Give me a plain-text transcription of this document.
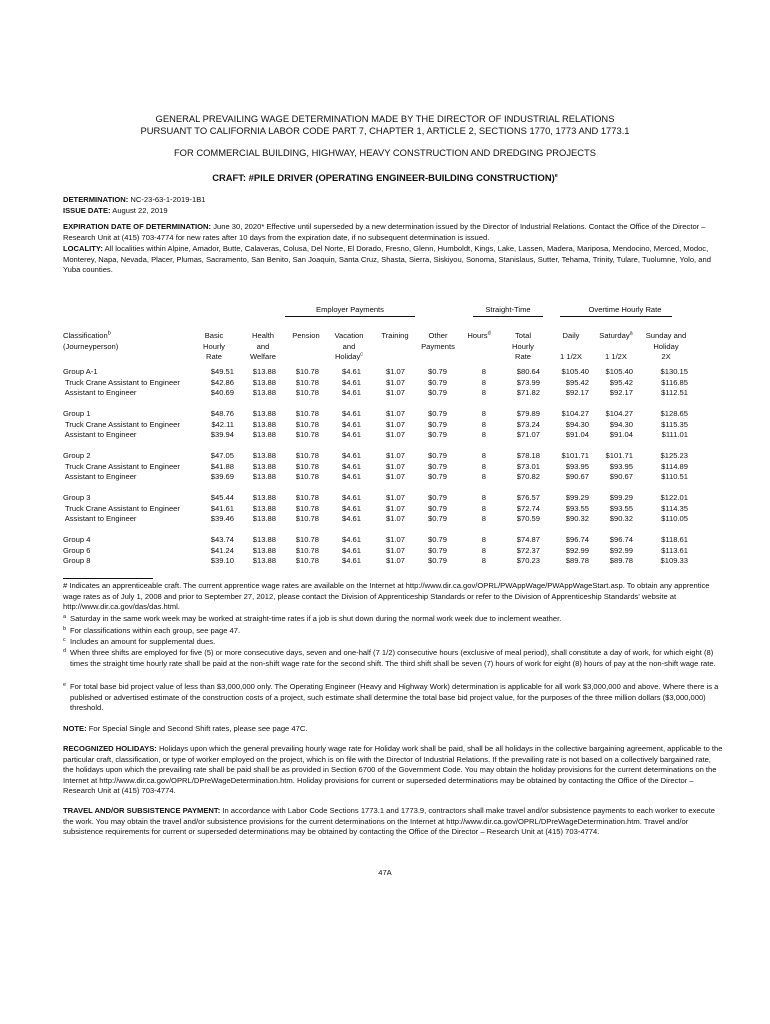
GENERAL PREVAILING WAGE DETERMINATION MADE BY THE DIRECTOR OF INDUSTRIAL RELATIONS
PURSUANT TO CALIFORNIA LABOR CODE PART 7, CHAPTER 1, ARTICLE 2, SECTIONS 1770, 1773 AND 1773.1
FOR COMMERCIAL BUILDING, HIGHWAY, HEAVY CONSTRUCTION AND DREDGING PROJECTS
CRAFT: #PILE DRIVER (OPERATING ENGINEER-BUILDING CONSTRUCTION)$^e$
DETERMINATION: NC-23-63-1-2019-1B1
ISSUE DATE: August 22, 2019
EXPIRATION DATE OF DETERMINATION: June 30, 2020* Effective until superseded by a new determination issued by the Director of Industrial Relations. Contact the Office of the Director – Research Unit at (415) 703-4774 for new rates after 10 days from the expiration date, if no subsequent determination is issued.
LOCALITY: All localities within Alpine, Amador, Butte, Calaveras, Colusa, Del Norte, El Dorado, Fresno, Glenn, Humboldt, Kings, Lake, Lassen, Madera, Mariposa, Mendocino, Merced, Modoc, Monterey, Napa, Nevada, Placer, Plumas, Sacramento, San Benito, San Joaquin, Santa Cruz, Shasta, Sierra, Siskiyou, Sonoma, Stanislaus, Sutter, Tehama, Trinity, Tulare, Tuolumne, Yolo, and Yuba counties.
Employer Payments	Straight-Time	Overtime Hourly Rate
Classification$^b$
(Journeyperson)
Basic
Hourly
Rate
Health
and
Welfare
Pension	Vacation
and
Holiday$^c$
Training	Other
Payments
Hours$^d$	Total
Hourly
Rate
Daily

1 1/2X
Saturday$^a$

1 1/2X
Sunday and
Holiday
2X
Group A-1	$49.51 $13.88	$10.78	$4.61	$1.07	$0.79	8	$80.64	$105.40 $105.40	$130.15
Truck Crane Assistant to Engineer	$42.86 $13.88	$10.78	$4.61	$1.07	$0.79	8	$73.99	$95.42	$95.42	$116.85
Assistant to Engineer	$40.69 $13.88	$10.78	$4.61	$1.07	$0.79	8	$71.82	$92.17	$92.17	$112.51
Group 1	$48.76 $13.88	$10.78	$4.61	$1.07	$0.79	8	$79.89	$104.27 $104.27	$128.65
Truck Crane Assistant to Engineer	$42.11 $13.88	$10.78	$4.61	$1.07	$0.79	8	$73.24	$94.30	$94.30	$115.35
Assistant to Engineer	$39.94 $13.88	$10.78	$4.61	$1.07	$0.79	8	$71.07	$91.04	$91.04	$111.01
Group 2	$47.05 $13.88	$10.78	$4.61	$1.07	$0.79	8	$78.18	$101.71 $101.71	$125.23
Truck Crane Assistant to Engineer	$41.88 $13.88	$10.78	$4.61	$1.07	$0.79	8	$73.01	$93.95	$93.95	$114.89
Assistant to Engineer	$39.69 $13.88	$10.78	$4.61	$1.07	$0.79	8	$70.82	$90.67	$90.67	$110.51
Group 3	$45.44 $13.88	$10.78	$4.61	$1.07	$0.79	8	$76.57	$99.29	$99.29	$122.01
Truck Crane Assistant to Engineer	$41.61 $13.88	$10.78	$4.61	$1.07	$0.79	8	$72.74	$93.55	$93.55	$114.35
Assistant to Engineer	$39.46 $13.88	$10.78	$4.61	$1.07	$0.79	8	$70.59	$90.32	$90.32	$110.05
Group 4	$43.74 $13.88	$10.78	$4.61	$1.07	$0.79	8	$74.87	$96.74	$96.74	$118.61
Group 6	$41.24 $13.88	$10.78	$4.61	$1.07	$0.79	8	$72.37	$92.99	$92.99	$113.61
Group 8	$39.10 $13.88	$10.78	$4.61	$1.07	$0.79	8	$70.23	$89.78	$89.78	$109.33
# Indicates an apprenticeable craft. The current apprentice wage rates are available on the Internet at http://www.dir.ca.gov/OPRL/PWAppWage/PWAppWageStart.asp. To obtain any apprentice wage rates as of July 1, 2008 and prior to September 27, 2012, please contact the Division of Apprenticeship Standards or refer to the Division of Apprenticeship Standards' website at http://www.dir.ca.gov/das/das.html.
a Saturday in the same work week may be worked at straight-time rates if a job is shut down during the normal work week due to inclement weather.
b For classifications within each group, see page 47.
c Includes an amount for supplemental dues.
d When three shifts are employed for five (5) or more consecutive days, seven and one-half (7 1/2) consecutive hours (exclusive of meal period), shall constitute a day of work, for which eight (8) times the straight time hourly rate shall be paid at the non-shift wage rate for the second shift. The third shift shall be seven (7) hours of work for eight (8) hours of pay at the non-shift wage rate.
e For total base bid project value of less than $3,000,000 only. The Operating Engineer (Heavy and Highway Work) determination is applicable for all work $3,000,000 and above. Where there is a published or advertised estimate of the construction costs of a project, such estimate shall determine the total base bid project value, for the purposes of the three million dollars ($3,000,000) threshold.
NOTE: For Special Single and Second Shift rates, please see page 47C.
RECOGNIZED HOLIDAYS: Holidays upon which the general prevailing hourly wage rate for Holiday work shall be paid, shall be all holidays in the collective bargaining agreement, applicable to the particular craft, classification, or type of worker employed on the project, which is on file with the Director of Industrial Relations. If the prevailing rate is not based on a collectively bargained rate, the holidays upon which the prevailing rate shall be paid shall be as provided in Section 6700 of the Government Code. You may obtain the holiday provisions for the current determinations on the Internet at http://www.dir.ca.gov/OPRL/DPreWageDetermination.htm. Holiday provisions for current or superseded determinations may be obtained by contacting the Office of the Director – Research Unit at (415) 703-4774.
TRAVEL AND/OR SUBSISTENCE PAYMENT: In accordance with Labor Code Sections 1773.1 and 1773.9, contractors shall make travel and/or subsistence payments to each worker to execute the work. You may obtain the travel and/or subsistence provisions for the current determinations on the Internet at http://www.dir.ca.gov/OPRL/DPreWageDetermination.htm. Travel and/or subsistence requirements for current or superseded determinations may be obtained by contacting the Office of the Director – Research Unit at (415) 703-4774.
47A
